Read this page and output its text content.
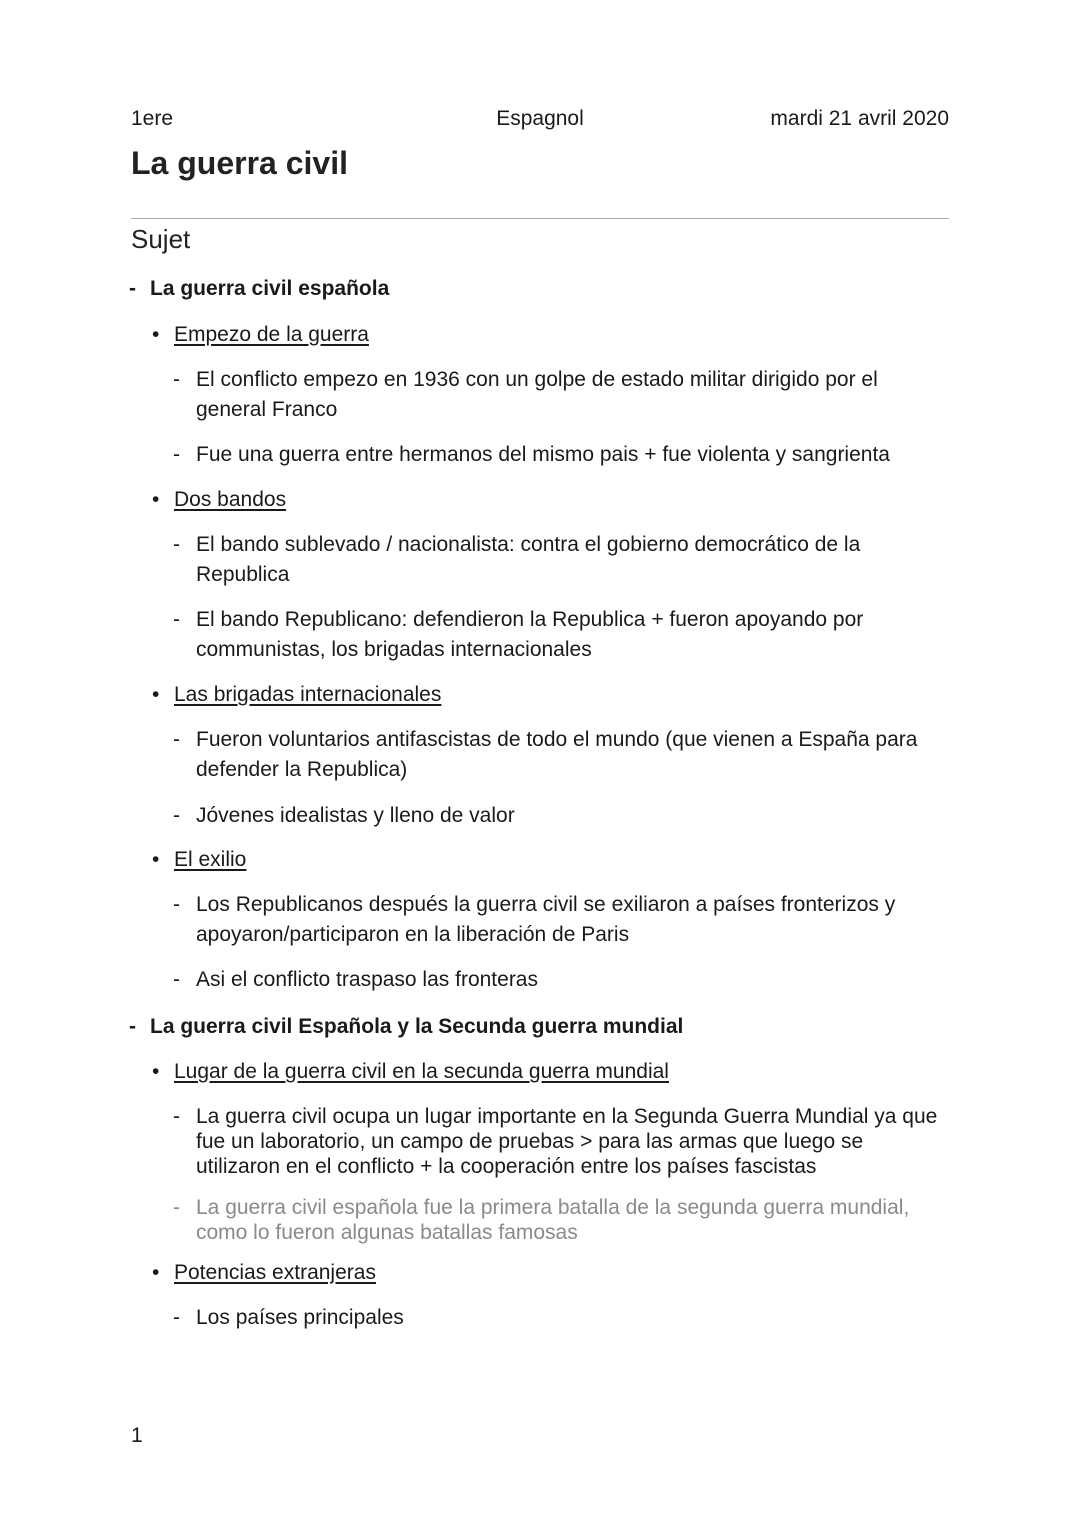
1ere	Espagnol	mardi 21 avril 2020
La guerra civil
Sujet
- La guerra civil española
• Empezo de la guerra
- El conflicto empezo en 1936 con un golpe de estado militar dirigido por el general Franco
- Fue una guerra entre hermanos del mismo pais + fue violenta y sangrienta
• Dos bandos
- El bando sublevado / nacionalista: contra el gobierno democrático de la Republica
- El bando Republicano: defendieron la Republica + fueron apoyando por communistas, los brigadas internacionales
• Las brigadas internacionales
- Fueron voluntarios antifascistas de todo el mundo (que vienen a España para defender la Republica)
- Jóvenes idealistas y lleno de valor
• El exilio
- Los Republicanos después la guerra civil se exiliaron a países fronterizos y apoyaron/participaron en la liberación de Paris
- Asi el conflicto traspaso las fronteras
- La guerra civil Española y la Secunda guerra mundial
• Lugar de la guerra civil en la secunda guerra mundial
- La guerra civil ocupa un lugar importante en la Segunda Guerra Mundial ya que fue un laboratorio, un campo de pruebas > para las armas que luego se utilizaron en el conflicto + la cooperación entre los países fascistas
- La guerra civil española fue la primera batalla de la segunda guerra mundial, como lo fueron algunas batallas famosas
• Potencias extranjeras
- Los países principales
1
